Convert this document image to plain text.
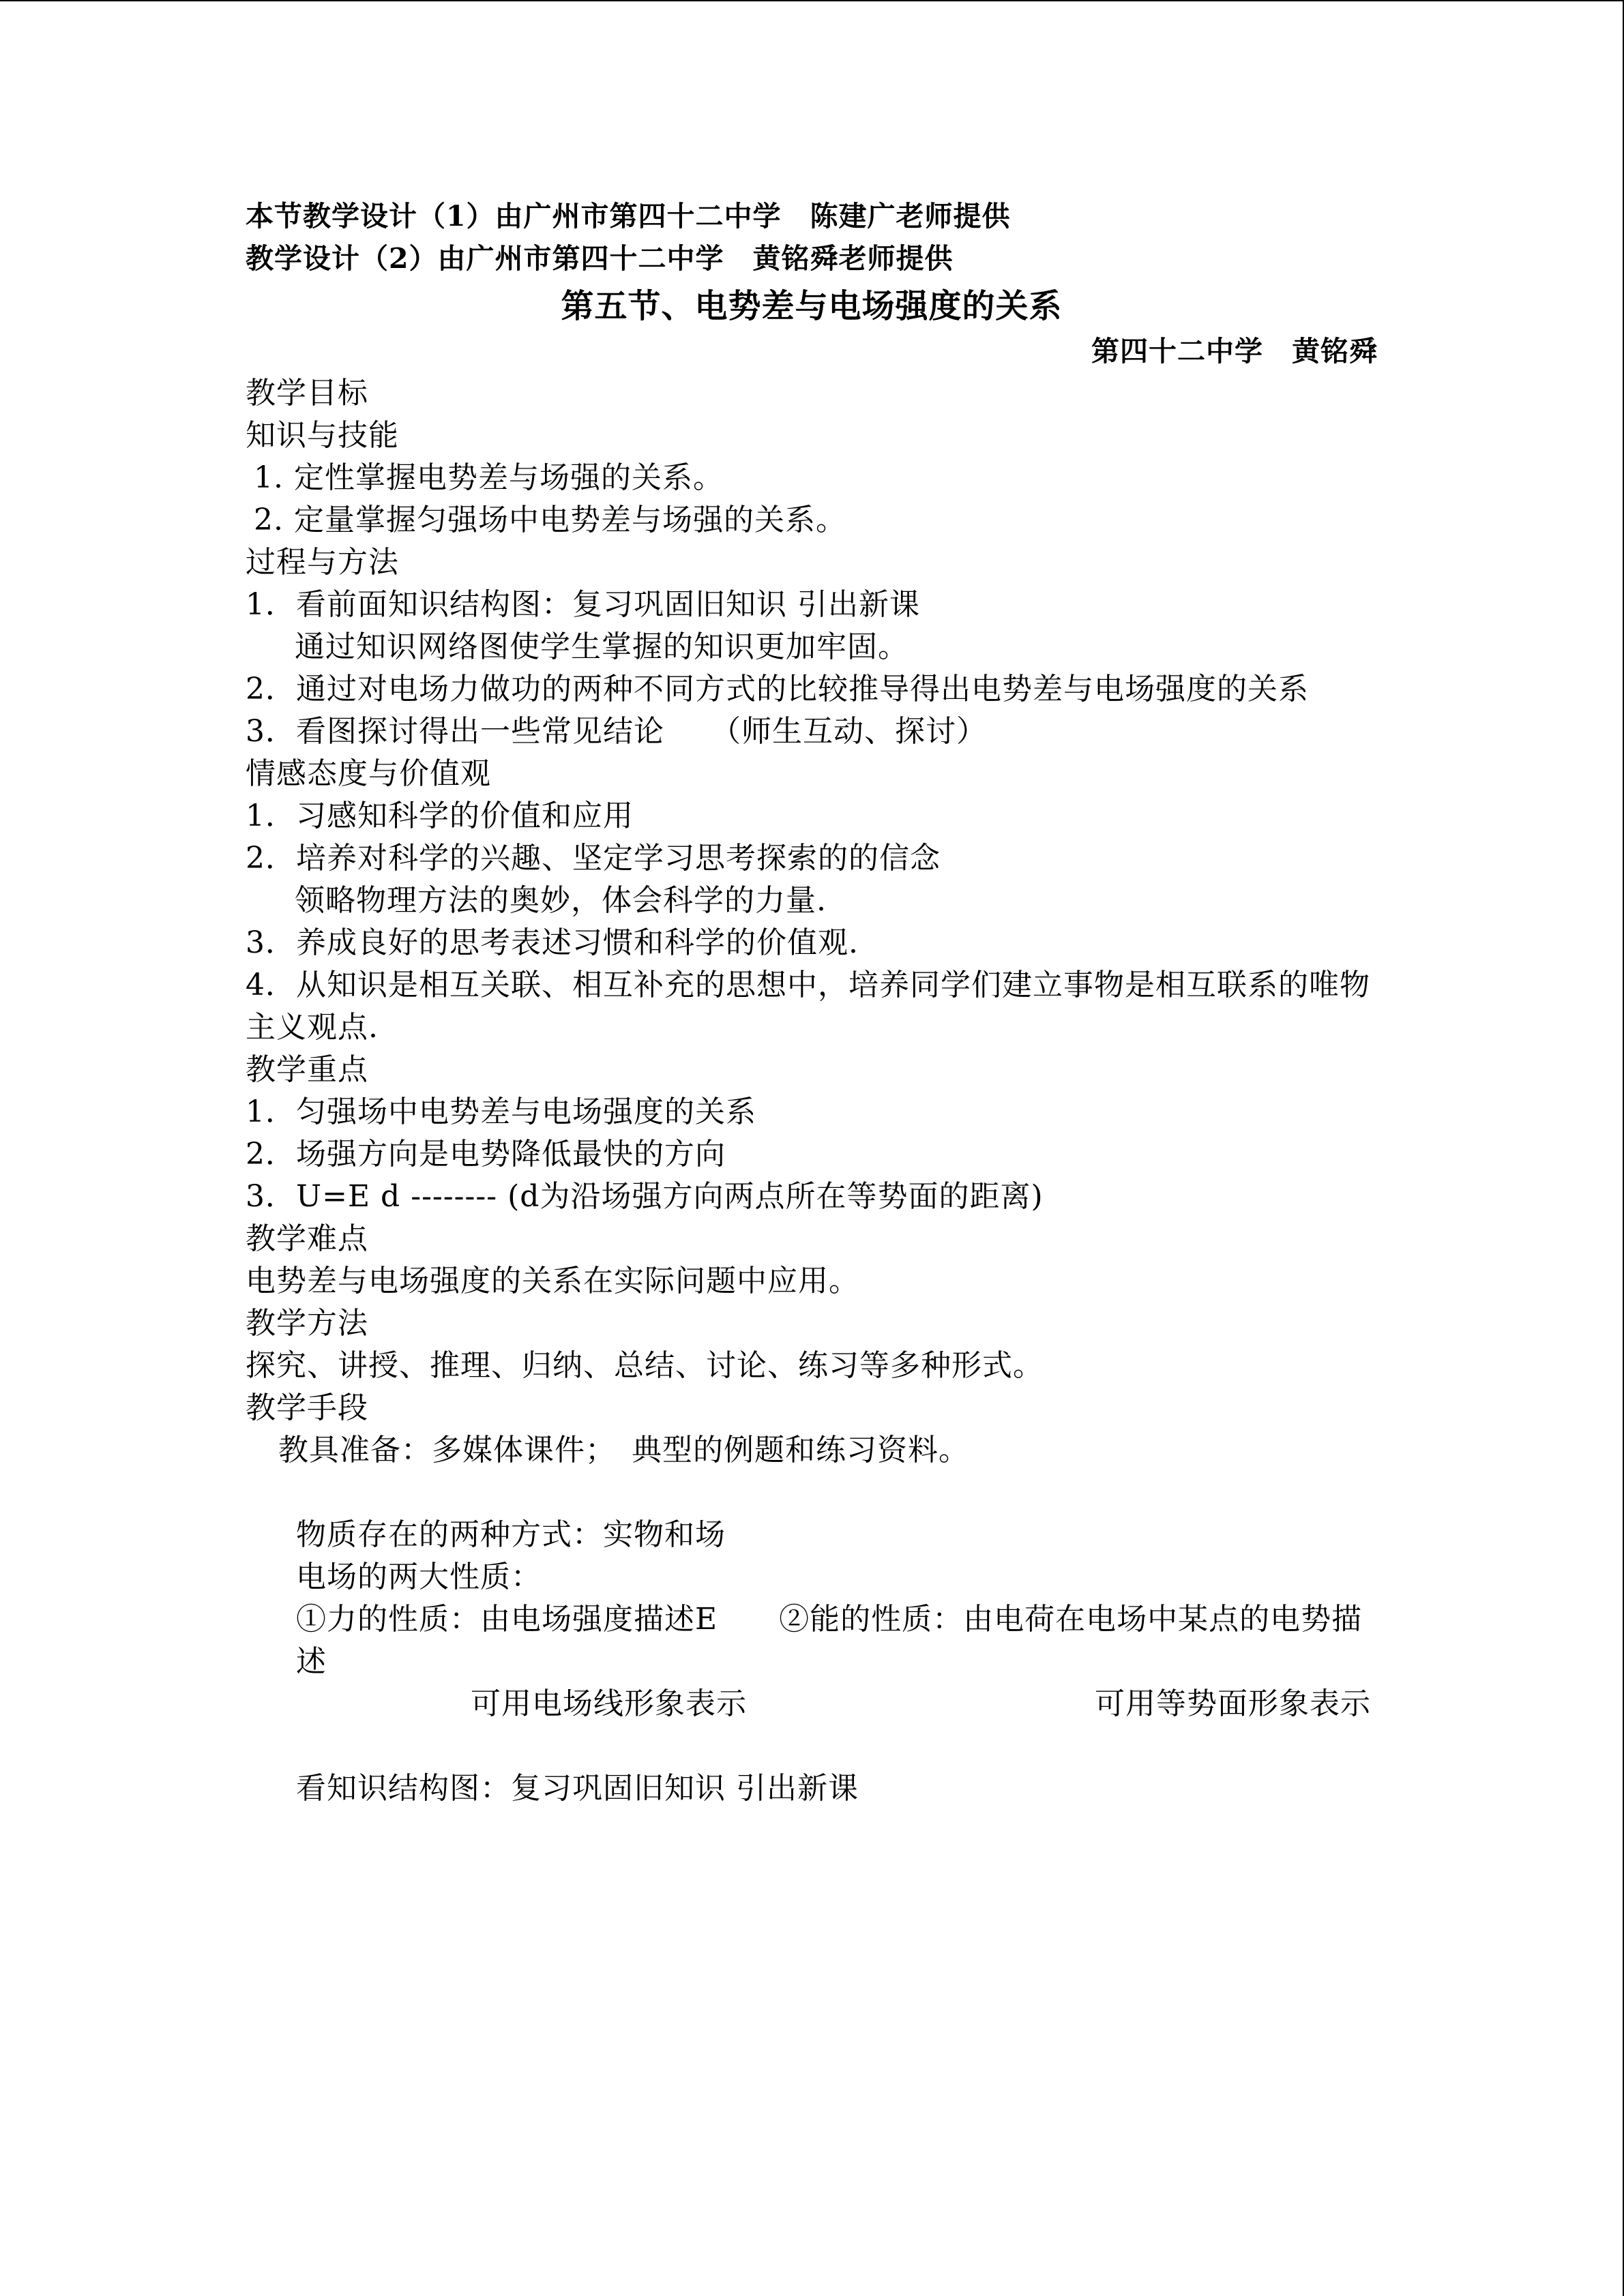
本节教学设计（1）由广州市第四十二中学　陈建广老师提供
教学设计（2）由广州市第四十二中学　黄铭舜老师提供
第五节、电势差与电场强度的关系
第四十二中学　黄铭舜
教学目标
知识与技能
1. 定性掌握电势差与场强的关系。
2. 定量掌握匀强场中电势差与场强的关系。
过程与方法
1．看前面知识结构图：复习巩固旧知识 引出新课
通过知识网络图使学生掌握的知识更加牢固。
2．通过对电场力做功的两种不同方式的比较推导得出电势差与电场强度的关系
3．看图探讨得出一些常见结论　　（师生互动、探讨）
情感态度与价值观
1．习感知科学的价值和应用
2．培养对科学的兴趣、坚定学习思考探索的的信念
领略物理方法的奥妙，体会科学的力量.
3．养成良好的思考表述习惯和科学的价值观.
4．从知识是相互关联、相互补充的思想中，培养同学们建立事物是相互联系的唯物主义观点.
教学重点
1．匀强场中电势差与电场强度的关系
2．场强方向是电势降低最快的方向
3．U=E d -------- (d为沿场强方向两点所在等势面的距离)
教学难点
电势差与电场强度的关系在实际问题中应用。
教学方法
探究、讲授、推理、归纳、总结、讨论、练习等多种形式。
教学手段
教具准备：多媒体课件；　典型的例题和练习资料。
物质存在的两种方式：实物和场
电场的两大性质：
①力的性质：由电场强度描述E　　②能的性质：由电荷在电场中某点的电势描述
可用电场线形象表示	可用等势面形象表示
看知识结构图：复习巩固旧知识 引出新课
